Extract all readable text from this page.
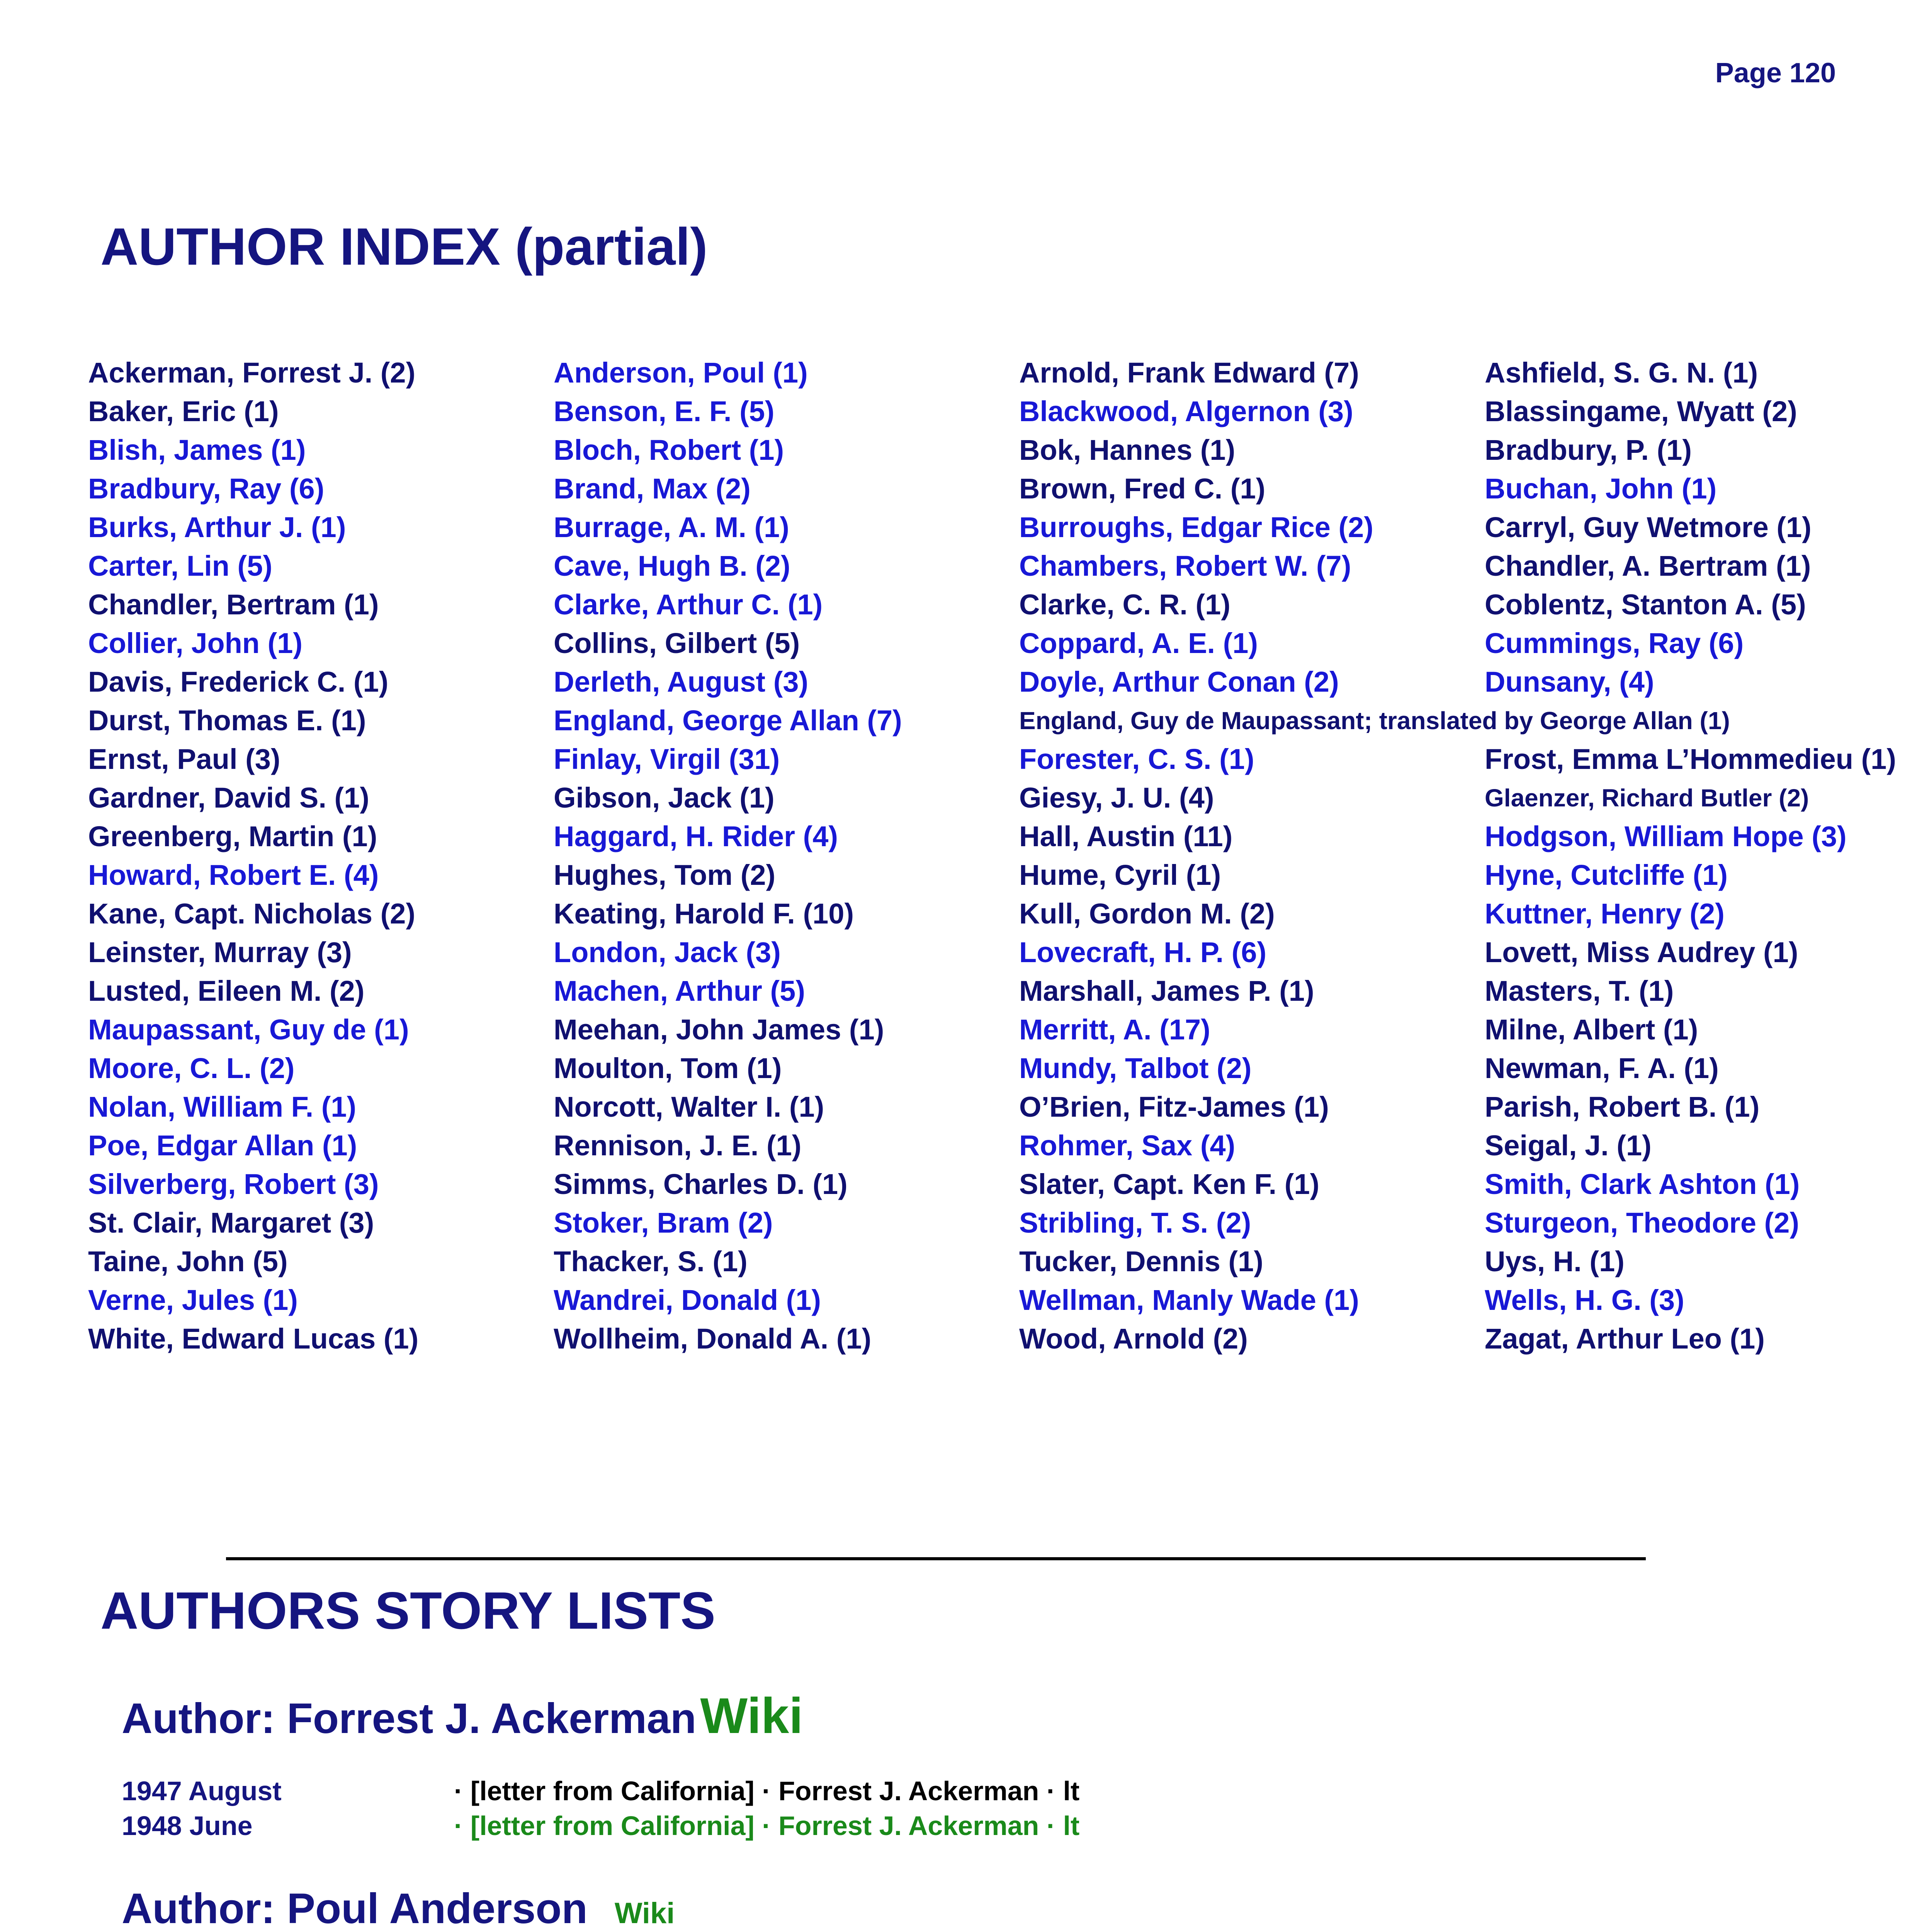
Page 120
AUTHOR INDEX (partial)
Ackerman, Forrest J. (2)
Baker, Eric (1)
Blish, James (1)
Bradbury, Ray (6)
Burks, Arthur J. (1)
Carter, Lin (5)
Chandler, Bertram (1)
Collier, John (1)
Davis, Frederick C. (1)
Durst, Thomas E. (1)
Ernst, Paul (3)
Gardner, David S. (1)
Greenberg, Martin (1)
Howard, Robert E. (4)
Kane, Capt. Nicholas (2)
Leinster, Murray (3)
Lusted, Eileen M. (2)
Maupassant, Guy de (1)
Moore, C. L. (2)
Nolan, William F. (1)
Poe, Edgar Allan (1)
Silverberg, Robert (3)
St. Clair, Margaret (3)
Taine, John (5)
Verne, Jules (1)
White, Edward Lucas (1)
Anderson, Poul (1)
Benson, E. F. (5)
Bloch, Robert (1)
Brand, Max (2)
Burrage, A. M. (1)
Cave, Hugh B. (2)
Clarke, Arthur C. (1)
Collins, Gilbert (5)
Derleth, August (3)
England, George Allan (7)
Finlay, Virgil (31)
Gibson, Jack (1)
Haggard, H. Rider (4)
Hughes, Tom (2)
Keating, Harold F. (10)
London, Jack (3)
Machen, Arthur (5)
Meehan, John James (1)
Moulton, Tom (1)
Norcott, Walter I. (1)
Rennison, J. E. (1)
Simms, Charles D. (1)
Stoker, Bram (2)
Thacker, S. (1)
Wandrei, Donald (1)
Wollheim, Donald A. (1)
Arnold, Frank Edward (7)
Blackwood, Algernon (3)
Bok, Hannes (1)
Brown, Fred C. (1)
Burroughs, Edgar Rice (2)
Chambers, Robert W. (7)
Clarke, C. R. (1)
Coppard, A. E. (1)
Doyle, Arthur Conan (2)
England, Guy de Maupassant; translated by George Allan (1)
Forester, C. S. (1)
Giesy, J. U. (4)
Hall, Austin (11)
Hume, Cyril (1)
Kull, Gordon M. (2)
Lovecraft, H. P. (6)
Marshall, James P. (1)
Merritt, A. (17)
Mundy, Talbot (2)
O’Brien, Fitz-James (1)
Rohmer, Sax (4)
Slater, Capt. Ken F. (1)
Stribling, T. S. (2)
Tucker, Dennis (1)
Wellman, Manly Wade (1)
Wood, Arnold (2)
Ashfield, S. G. N. (1)
Blassingame, Wyatt (2)
Bradbury, P. (1)
Buchan, John (1)
Carryl, Guy Wetmore (1)
Chandler, A. Bertram (1)
Coblentz, Stanton A. (5)
Cummings, Ray (6)
Dunsany, (4)
Frost, Emma L’Hommedieu (1)
Glaenzer, Richard Butler (2)
Hodgson, William Hope (3)
Hyne, Cutcliffe (1)
Kuttner, Henry (2)
Lovett, Miss Audrey (1)
Masters, T. (1)
Milne, Albert (1)
Newman, F. A. (1)
Parish, Robert B. (1)
Seigal, J. (1)
Smith, Clark Ashton (1)
Sturgeon, Theodore (2)
Uys, H. (1)
Wells, H. G. (3)
Zagat, Arthur Leo (1)
AUTHORS STORY LISTS
Author: Forrest J. AckermanWiki
1947 August	· [letter from California] · Forrest J. Ackerman · lt
1948 June	· [letter from California] · Forrest J. Ackerman · lt
Author: Poul Anderson Wiki
